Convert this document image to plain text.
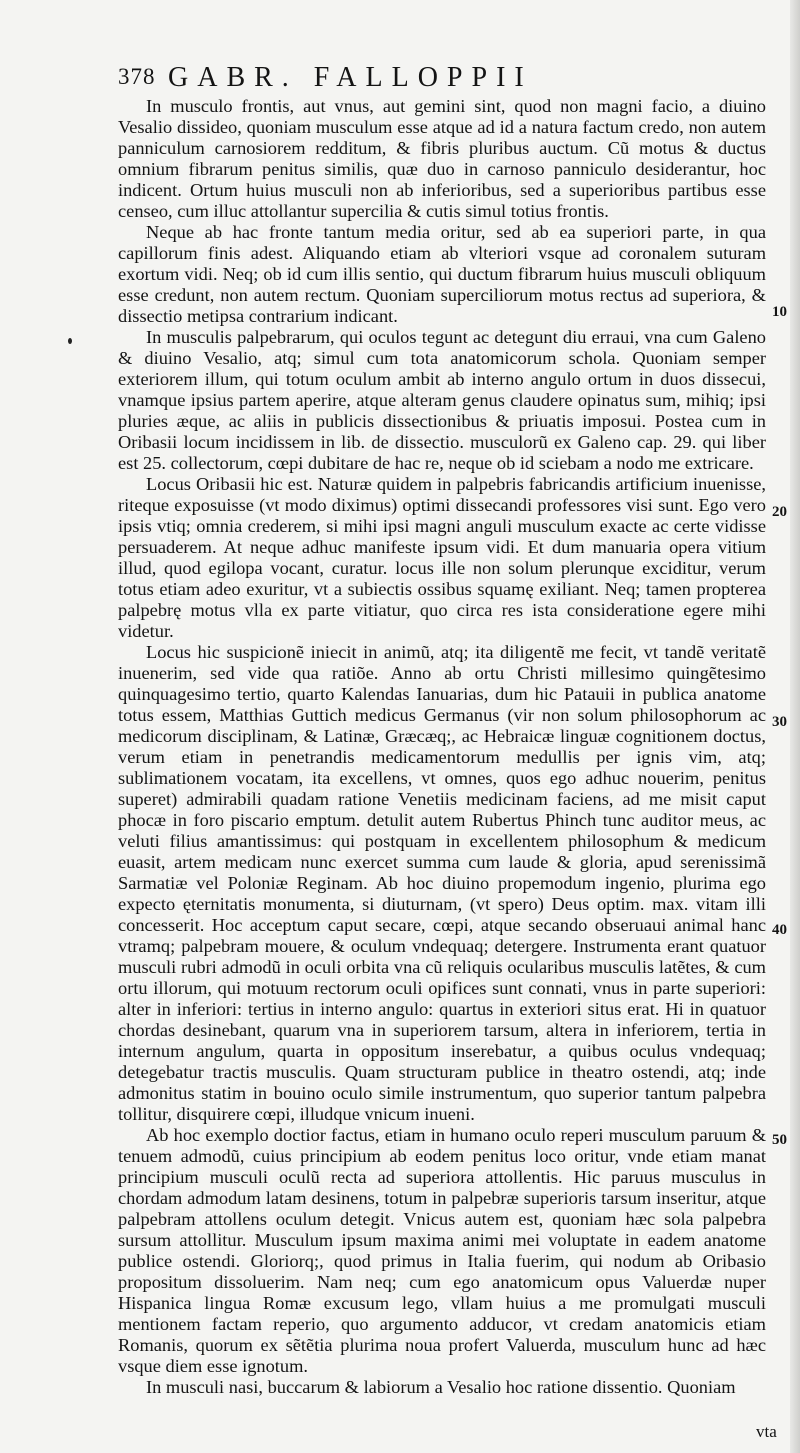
378 GABR. FALLOPPII

In musculo frontis, aut vnus, aut gemini sint, quod non magni facio, a diuino Vesalio dissideo, quoniam musculum esse atque ad id a natura factum credo, non autem panniculum carnosiorem redditum, & fibris pluribus auctum. Cũ motus & ductus omnium fibrarum penitus similis, quæ duo in carnoso panniculo desiderantur, hoc indicent. Ortum huius musculi non ab inferioribus, sed a superioribus partibus esse censeo, cum illuc attollantur supercilia & cutis simul totius frontis.

Neque ab hac fronte tantum media oritur, sed ab ea superiori parte, in qua capillorum finis adest. Aliquando etiam ab vlteriori vsque ad coronalem suturam exortum vidi. Neq; ob id cum illis sentio, qui ductum fibrarum huius musculi obliquum esse credunt, non autem rectum. Quoniam superciliorum motus rectus ad superiora, & dissectio metipsa contrarium indicant.

In musculis palpebrarum, qui oculos tegunt ac detegunt diu erraui, vna cum Galeno & diuino Vesalio, atq; simul cum tota anatomicorum schola. Quoniam semper exteriorem illum, qui totum oculum ambit ab interno angulo ortum in duos dissecui, vnamque ipsius partem aperire, atque alteram genus claudere opinatus sum, mihiq; ipsi pluries æque, ac aliis in publicis dissectionibus & priuatis imposui. Postea cum in Oribasii locum incidissem in lib. de dissectio. musculorũ ex Galeno cap. 29. qui liber est 25. collectorum, cœpi dubitare de hac re, neque ob id sciebam a nodo me extricare.

Locus Oribasii hic est. Naturæ quidem in palpebris fabricandis artificium inuenisse, riteque exposuisse (vt modo diximus) optimi dissecandi professores visi sunt. Ego vero ipsis vtiq; omnia crederem, si mihi ipsi magni anguli musculum exacte ac certe vidisse persuaderem. At neque adhuc manifeste ipsum vidi. Et dum manuaria opera vitium illud, quod egilopa vocant, curatur. locus ille non solum plerunque exciditur, verum totus etiam adeo exuritur, vt a subiectis ossibus squamę exiliant. Neq; tamen propterea palpebrę motus vlla ex parte vitiatur, quo circa res ista consideratione egere mihi videtur.

Locus hic suspicionẽ iniecit in animũ, atq; ita diligentẽ me fecit, vt tandẽ veritatẽ inuenerim, sed vide qua ratiõe. Anno ab ortu Christi millesimo quingẽtesimo quinquagesimo tertio, quarto Kalendas Ianuarias, dum hic Patauii in publica anatome totus essem, Matthias Guttich medicus Germanus (vir non solum philosophorum ac medicorum disciplinam, & Latinæ, Græcæq;, ac Hebraicæ linguæ cognitionem doctus, verum etiam in penetrandis medicamentorum medullis per ignis vim, atq; sublimationem vocatam, ita excellens, vt omnes, quos ego adhuc nouerim, penitus superet) admirabili quadam ratione Venetiis medicinam faciens, ad me misit caput phocæ in foro piscario emptum. detulit autem Rubertus Phinch tunc auditor meus, ac veluti filius amantissimus: qui postquam in excellentem philosophum & medicum euasit, artem medicam nunc exercet summa cum laude & gloria, apud serenissimã Sarmatiæ vel Poloniæ Reginam. Ab hoc diuino propemodum ingenio, plurima ego expecto ęternitatis monumenta, si diuturnam, (vt spero) Deus optim. max. vitam illi concesserit. Hoc acceptum caput secare, cœpi, atque secando obseruaui animal hanc vtramq; palpebram mouere, & oculum vndequaq; detergere. Instrumenta erant quatuor musculi rubri admodũ in oculi orbita vna cũ reliquis ocularibus musculis latẽtes, & cum ortu illorum, qui motuum rectorum oculi opifices sunt connati, vnus in parte superiori: alter in inferiori: tertius in interno angulo: quartus in exteriori situs erat. Hi in quatuor chordas desinebant, quarum vna in superiorem tarsum, altera in inferiorem, tertia in internum angulum, quarta in oppositum inserebatur, a quibus oculus vndequaq; detegebatur tractis musculis. Quam structuram publice in theatro ostendi, atq; inde admonitus statim in bouino oculo simile instrumentum, quo superior tantum palpebra tollitur, disquirere cœpi, illudque vnicum inueni.

Ab hoc exemplo doctior factus, etiam in humano oculo reperi musculum paruum & tenuem admodũ, cuius principium ab eodem penitus loco oritur, vnde etiam manat principium musculi oculũ recta ad superiora attollentis. Hic paruus musculus in chordam admodum latam desinens, totum in palpebræ superioris tarsum inseritur, atque palpebram attollens oculum detegit. Vnicus autem est, quoniam hæc sola palpebra sursum attollitur. Musculum ipsum maxima animi mei voluptate in eadem anatome publice ostendi. Gloriorq;, quod primus in Italia fuerim, qui nodum ab Oribasio propositum dissoluerim. Nam neq; cum ego anatomicum opus Valuerdæ nuper Hispanica lingua Romæ excusum lego, vllam huius a me promulgati musculi mentionem factam reperio, quo argumento adducor, vt credam anatomicis etiam Romanis, quorum ex sẽtẽtia plurima noua profert Valuerda, musculum hunc ad hæc vsque diem esse ignotum.

In musculi nasi, buccarum & labiorum a Vesalio hoc ratione dissentio. Quoniam

10
20
30
40
50
vta
